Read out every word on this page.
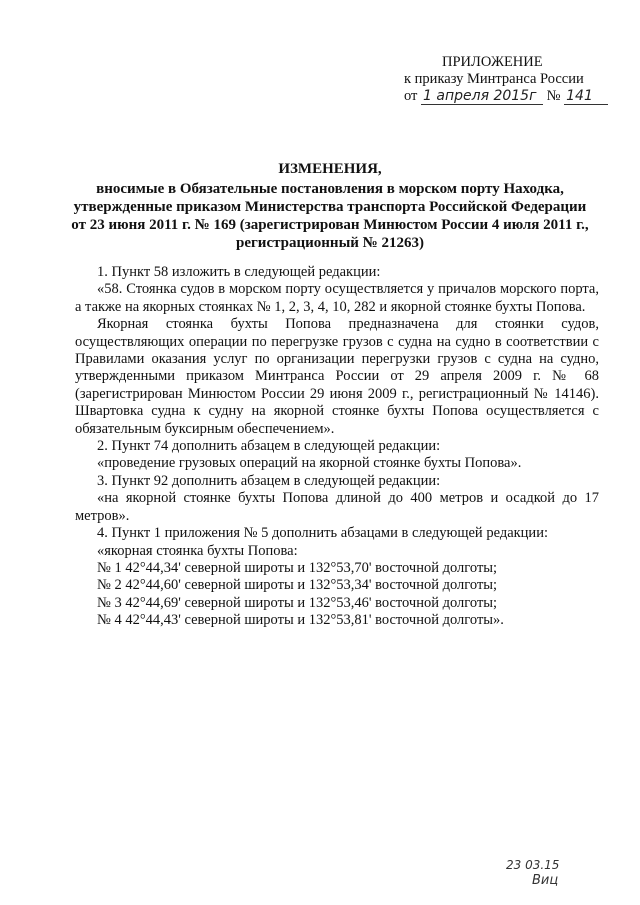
ПРИЛОЖЕНИЕ
к приказу Минтранса России
от 1 апреля 2015г № 141
ИЗМЕНЕНИЯ,
вносимые в Обязательные постановления в морском порту Находка,
утвержденные приказом Министерства транспорта Российской Федерации
от 23 июня 2011 г. № 169 (зарегистрирован Минюстом России 4 июля 2011 г.,
регистрационный № 21263)

1. Пункт 58 изложить в следующей редакции:

«58. Стоянка судов в морском порту осуществляется у причалов морского порта, а также на якорных стоянках № 1, 2, 3, 4, 10, 282 и якорной стоянке бухты Попова.

Якорная стоянка бухты Попова предназначена для стоянки судов, осуществляющих операции по перегрузке грузов с судна на судно в соответствии с Правилами оказания услуг по организации перегрузки грузов с судна на судно, утвержденными приказом Минтранса России от 29 апреля 2009 г. № 68 (зарегистрирован Минюстом России 29 июня 2009 г., регистрационный № 14146). Швартовка судна к судну на якорной стоянке бухты Попова осуществляется с обязательным буксирным обеспечением».

2. Пункт 74 дополнить абзацем в следующей редакции:

«проведение грузовых операций на якорной стоянке бухты Попова».

3. Пункт 92 дополнить абзацем в следующей редакции:

«на якорной стоянке бухты Попова длиной до 400 метров и осадкой до 17 метров».

4. Пункт 1 приложения № 5 дополнить абзацами в следующей редакции:

«якорная стоянка бухты Попова:

№ 1 42°44,34' северной широты и 132°53,70' восточной долготы;

№ 2 42°44,60' северной широты и 132°53,34' восточной долготы;

№ 3 42°44,69' северной широты и 132°53,46' восточной долготы;

№ 4 42°44,43' северной широты и 132°53,81' восточной долготы».

23 03.15
Виц
